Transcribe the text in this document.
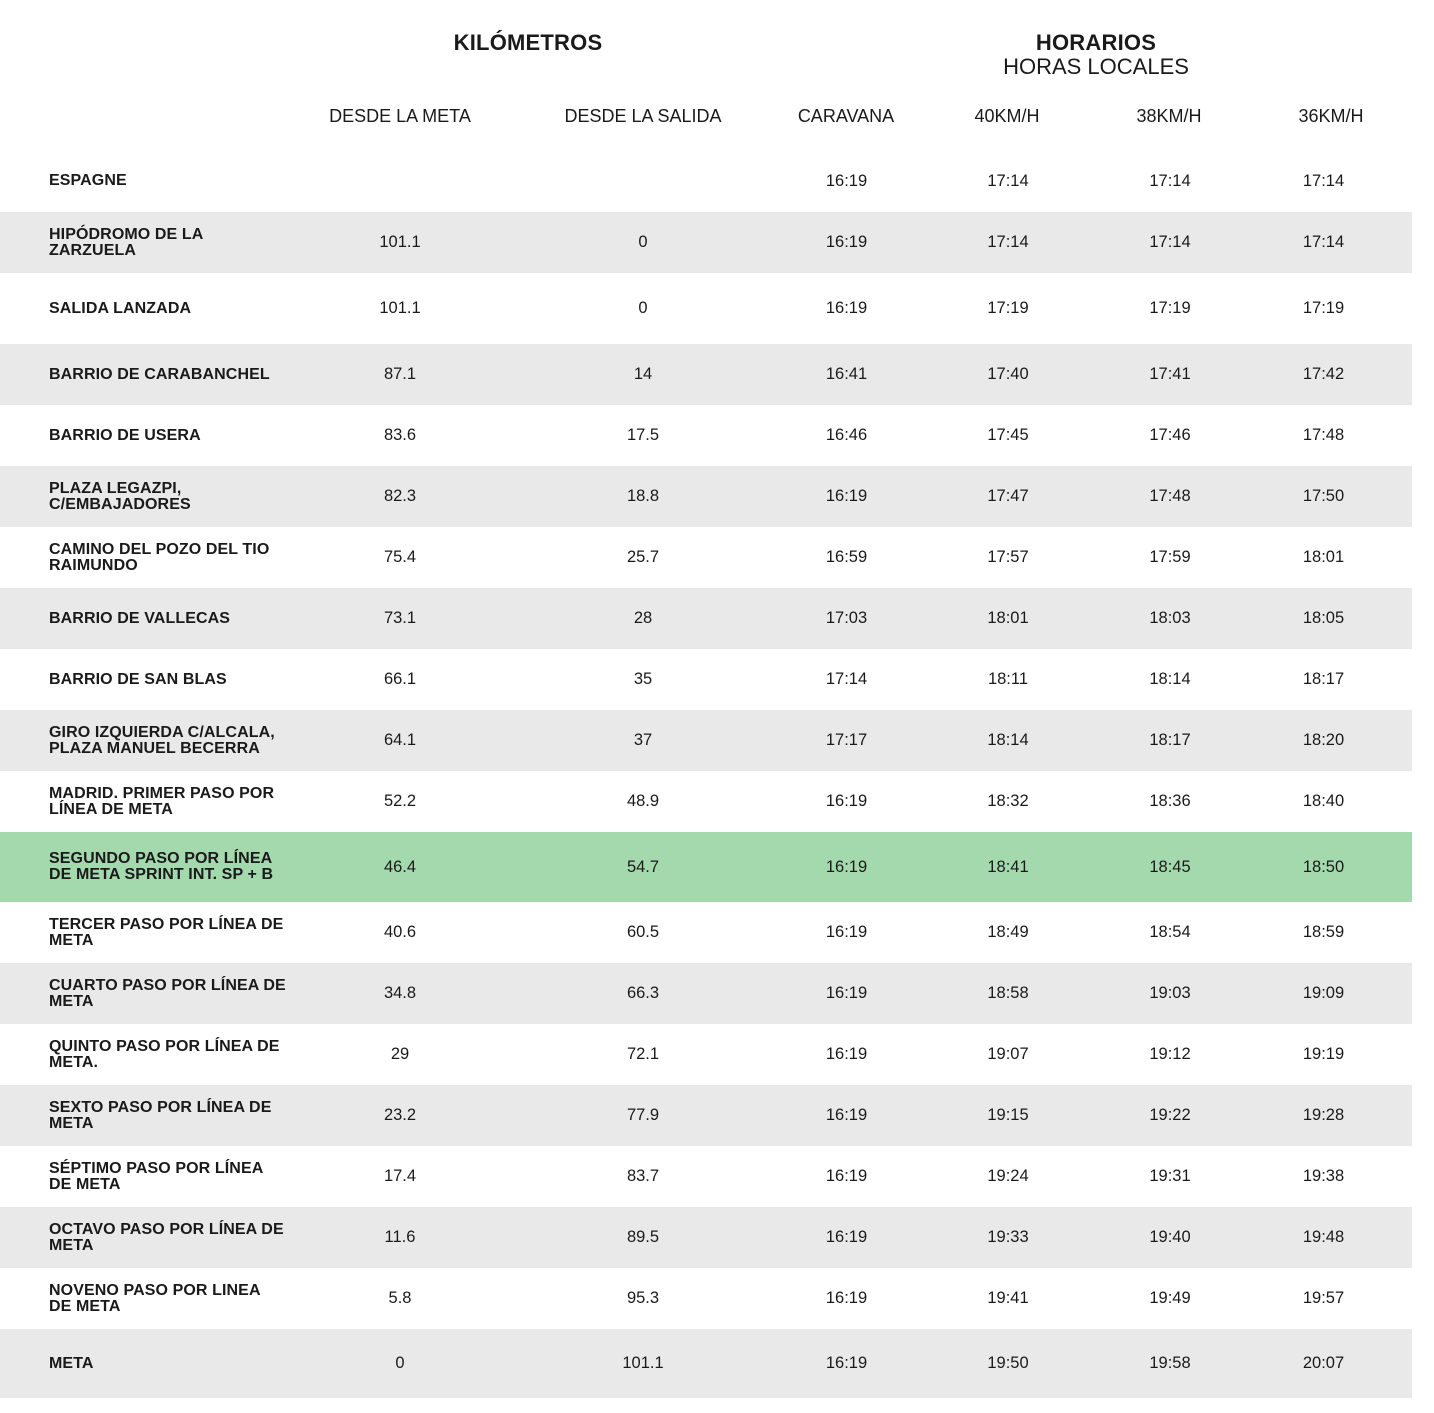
KILÓMETROS	HORARIOS
HORAS LOCALES
DESDE LA META	DESDE LA SALIDA	CARAVANA	40KM/H	38KM/H	36KM/H
ESPAGNE			16:19	17:14	17:14	17:14
HIPÓDROMO DE LA ZARZUELA	101.1	0	16:19	17:14	17:14	17:14
SALIDA LANZADA	101.1	0	16:19	17:19	17:19	17:19
BARRIO DE CARABANCHEL	87.1	14	16:41	17:40	17:41	17:42
BARRIO DE USERA	83.6	17.5	16:46	17:45	17:46	17:48
PLAZA LEGAZPI, C/EMBAJADORES	82.3	18.8	16:19	17:47	17:48	17:50
CAMINO DEL POZO DEL TIO RAIMUNDO	75.4	25.7	16:59	17:57	17:59	18:01
BARRIO DE VALLECAS	73.1	28	17:03	18:01	18:03	18:05
BARRIO DE SAN BLAS	66.1	35	17:14	18:11	18:14	18:17
GIRO IZQUIERDA C/ALCALA, PLAZA MANUEL BECERRA	64.1	37	17:17	18:14	18:17	18:20
MADRID. PRIMER PASO POR LÍNEA DE META	52.2	48.9	16:19	18:32	18:36	18:40
SEGUNDO PASO POR LÍNEA DE META SPRINT INT. SP + B	46.4	54.7	16:19	18:41	18:45	18:50
TERCER PASO POR LÍNEA DE META	40.6	60.5	16:19	18:49	18:54	18:59
CUARTO PASO POR LÍNEA DE META	34.8	66.3	16:19	18:58	19:03	19:09
QUINTO PASO POR LÍNEA DE META.	29	72.1	16:19	19:07	19:12	19:19
SEXTO PASO POR LÍNEA DE META	23.2	77.9	16:19	19:15	19:22	19:28
SÉPTIMO PASO POR LÍNEA DE META	17.4	83.7	16:19	19:24	19:31	19:38
OCTAVO PASO POR LÍNEA DE META	11.6	89.5	16:19	19:33	19:40	19:48
NOVENO PASO POR LINEA DE META	5.8	95.3	16:19	19:41	19:49	19:57
META	0	101.1	16:19	19:50	19:58	20:07
